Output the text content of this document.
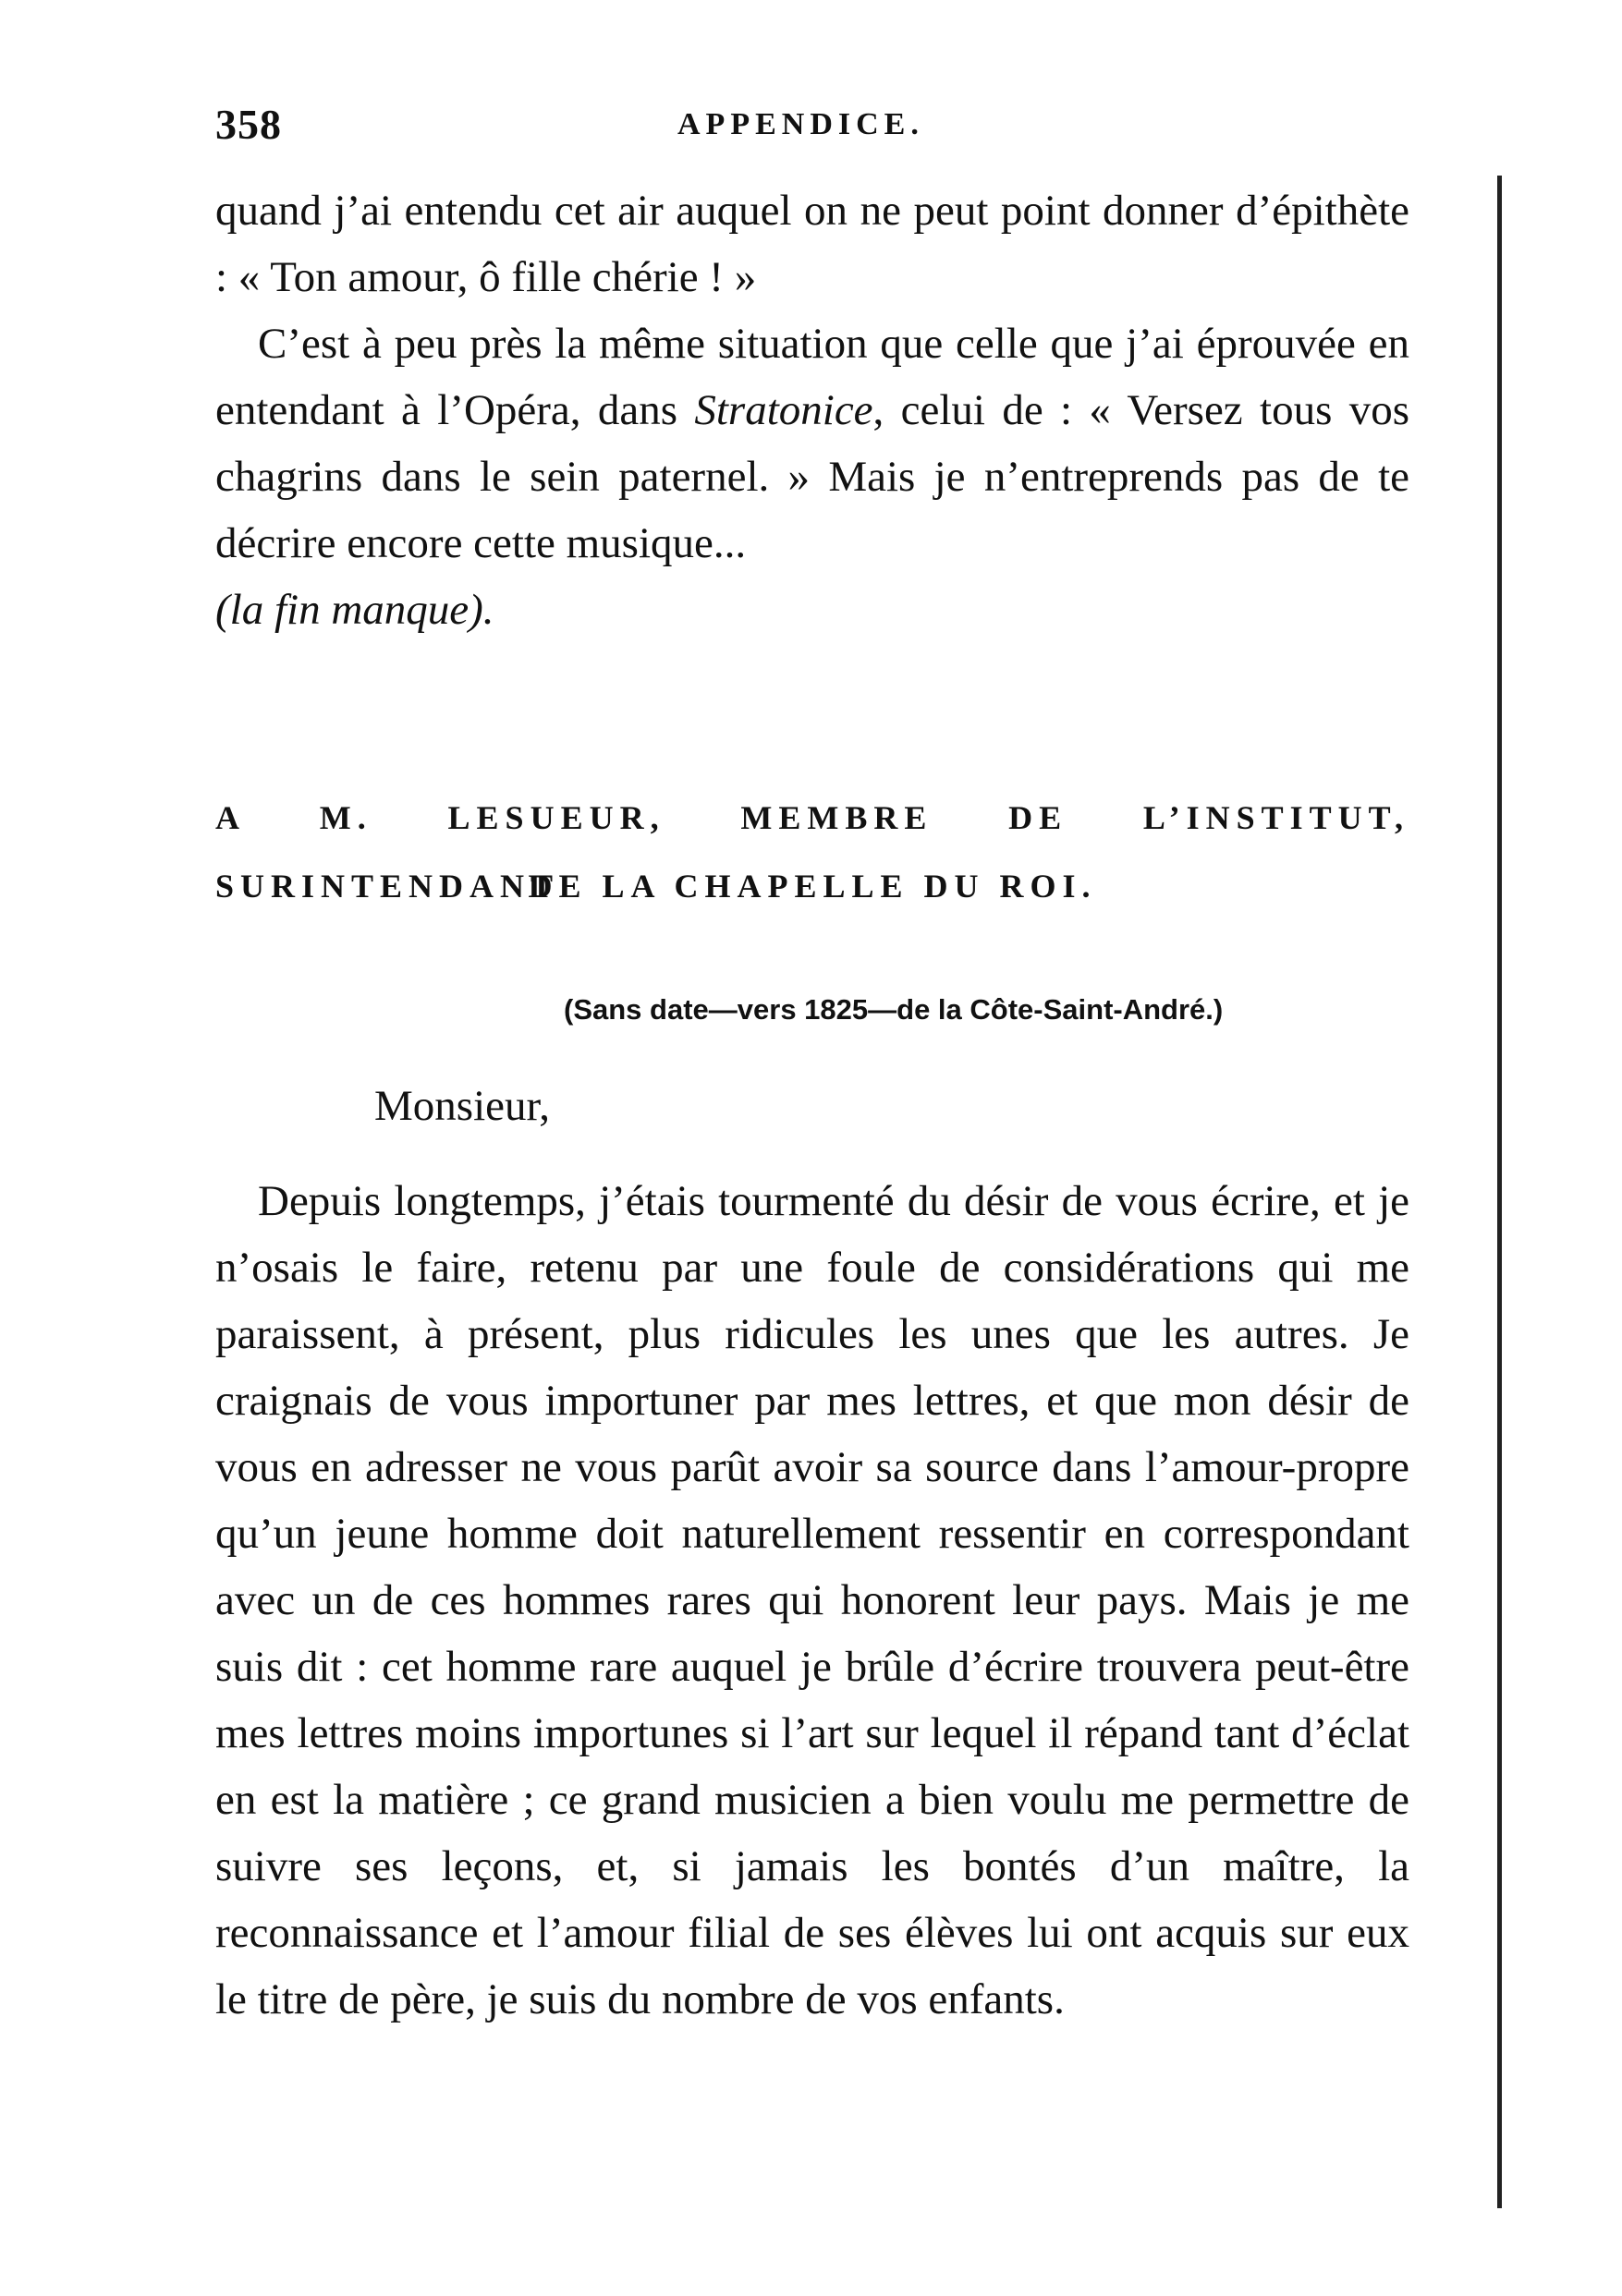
358	APPENDICE.

quand j’ai entendu cet air auquel on ne peut point donner d’épithète : « Ton amour, ô fille chérie ! »

C’est à peu près la même situation que celle que j’ai éprouvée en entendant à l’Opéra, dans Stratonice, celui de : « Versez tous vos chagrins dans le sein paternel. » Mais je n’entreprends pas de te décrire encore cette musique...

(la fin manque).

A M. LESUEUR, MEMBRE DE L’INSTITUT, SURINTENDANT
DE LA CHAPELLE DU ROI.
(Sans date—vers 1825—de la Côte-Saint-André.)
Monsieur,

Depuis longtemps, j’étais tourmenté du désir de vous écrire, et je n’osais le faire, retenu par une foule de considérations qui me paraissent, à présent, plus ridicules les unes que les autres. Je craignais de vous importuner par mes lettres, et que mon désir de vous en adresser ne vous parût avoir sa source dans l’amour-propre qu’un jeune homme doit naturellement ressentir en correspondant avec un de ces hommes rares qui honorent leur pays. Mais je me suis dit : cet homme rare auquel je brûle d’écrire trouvera peut-être mes lettres moins importunes si l’art sur lequel il répand tant d’éclat en est la matière ; ce grand musicien a bien voulu me permettre de suivre ses leçons, et, si jamais les bontés d’un maître, la reconnaissance et l’amour filial de ses élèves lui ont acquis sur eux le titre de père, je suis du nombre de vos enfants.
